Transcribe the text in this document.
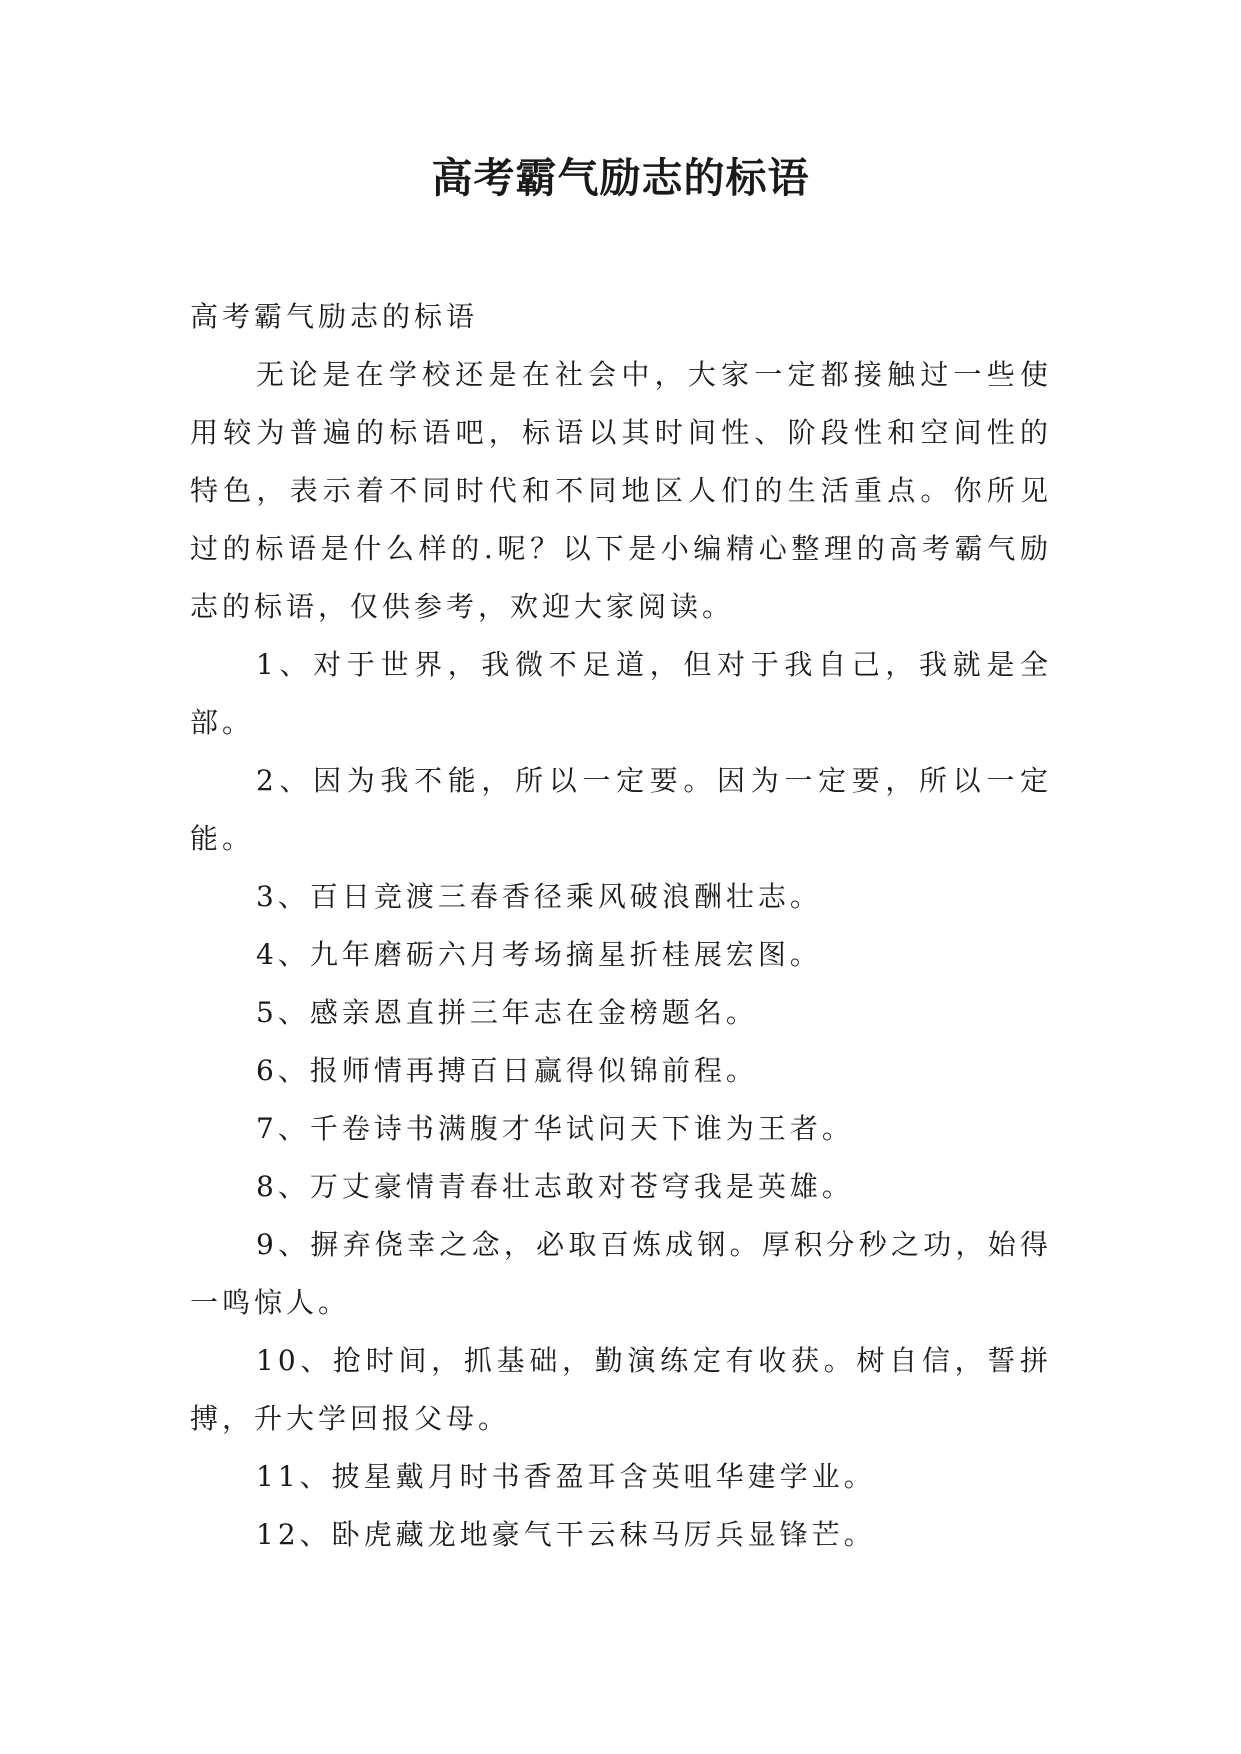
高考霸气励志的标语

高考霸气励志的标语

无论是在学校还是在社会中，大家一定都接触过一些使用较为普遍的标语吧，标语以其时间性、阶段性和空间性的特色，表示着不同时代和不同地区人们的生活重点。你所见过的标语是什么样的.呢？以下是小编精心整理的高考霸气励志的标语，仅供参考，欢迎大家阅读。

1、对于世界，我微不足道，但对于我自己，我就是全部。

2、因为我不能，所以一定要。因为一定要，所以一定能。

3、百日竞渡三春香径乘风破浪酬壮志。

4、九年磨砺六月考场摘星折桂展宏图。

5、感亲恩直拼三年志在金榜题名。

6、报师情再搏百日赢得似锦前程。

7、千卷诗书满腹才华试问天下谁为王者。

8、万丈豪情青春壮志敢对苍穹我是英雄。

9、摒弃侥幸之念，必取百炼成钢。厚积分秒之功，始得一鸣惊人。

10、抢时间，抓基础，勤演练定有收获。树自信，誓拼搏，升大学回报父母。

11、披星戴月时书香盈耳含英咀华建学业。

12、卧虎藏龙地豪气干云秣马厉兵显锋芒。
